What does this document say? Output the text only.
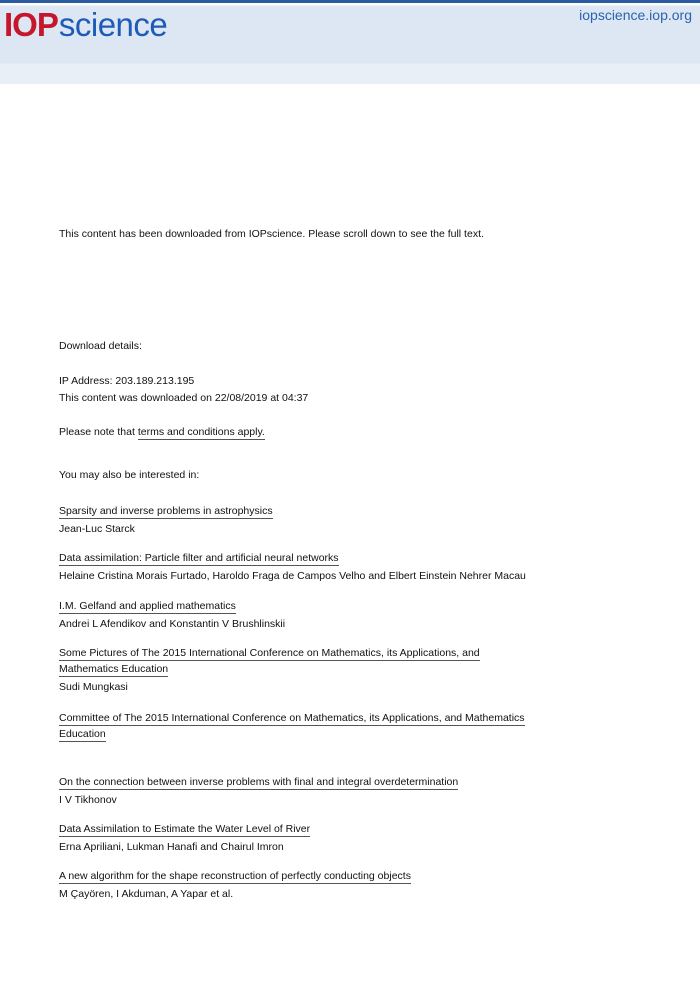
IOPscience	iopscience.iop.org
This content has been downloaded from IOPscience. Please scroll down to see the full text.
Download details:
IP Address: 203.189.213.195
This content was downloaded on 22/08/2019 at 04:37
Please note that terms and conditions apply.
You may also be interested in:
Sparsity and inverse problems in astrophysics
Jean-Luc Starck
Data assimilation: Particle filter and artificial neural networks
Helaine Cristina Morais Furtado, Haroldo Fraga de Campos Velho and Elbert Einstein Nehrer Macau
I.M. Gelfand and applied mathematics
Andrei L Afendikov and Konstantin V Brushlinskii
Some Pictures of The 2015 International Conference on Mathematics, its Applications, and
Mathematics Education
Sudi Mungkasi
Committee of The 2015 International Conference on Mathematics, its Applications, and Mathematics
Education
On the connection between inverse problems with final and integral overdetermination
I V Tikhonov
Data Assimilation to Estimate the Water Level of River
Erna Apriliani, Lukman Hanafi and Chairul Imron
A new algorithm for the shape reconstruction of perfectly conducting objects
M Çayören, I Akduman, A Yapar et al.
